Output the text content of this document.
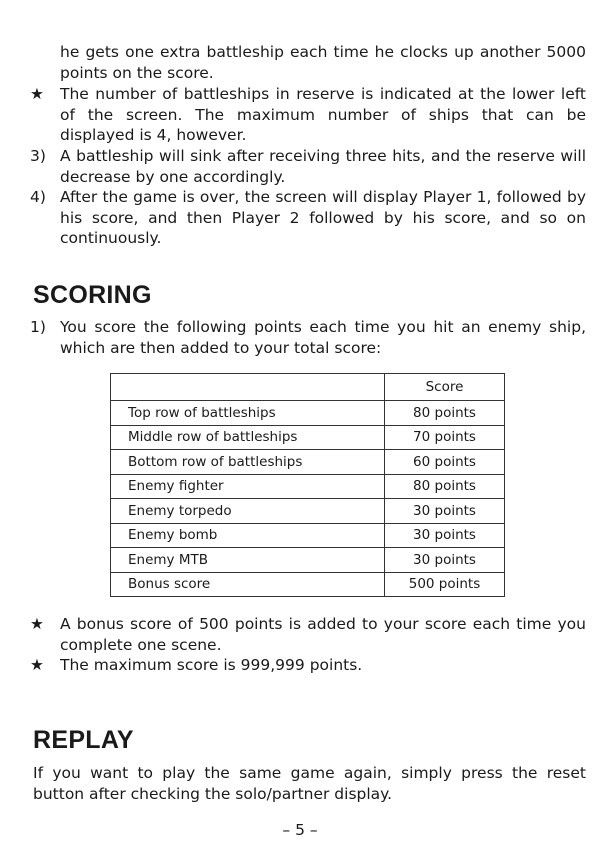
he gets one extra battleship each time he clocks up another 5000 points on the score.
★	The number of battleships in reserve is indicated at the lower left of the screen. The maximum number of ships that can be displayed is 4, however.
3) A battleship will sink after receiving three hits, and the reserve will decrease by one accordingly.
4) After the game is over, the screen will display Player 1, followed by his score, and then Player 2 followed by his score, and so on continuously.
SCORING
1) You score the following points each time you hit an enemy ship, which are then added to your total score:
	Score
Top row of battleships	80 points
Middle row of battleships	70 points
Bottom row of battleships	60 points
Enemy fighter	80 points
Enemy torpedo	30 points
Enemy bomb	30 points
Enemy MTB	30 points
Bonus score	500 points
★	A bonus score of 500 points is added to your score each time you complete one scene.
★	The maximum score is 999,999 points.
REPLAY
If you want to play the same game again, simply press the reset button after checking the solo/partner display.
– 5 –
